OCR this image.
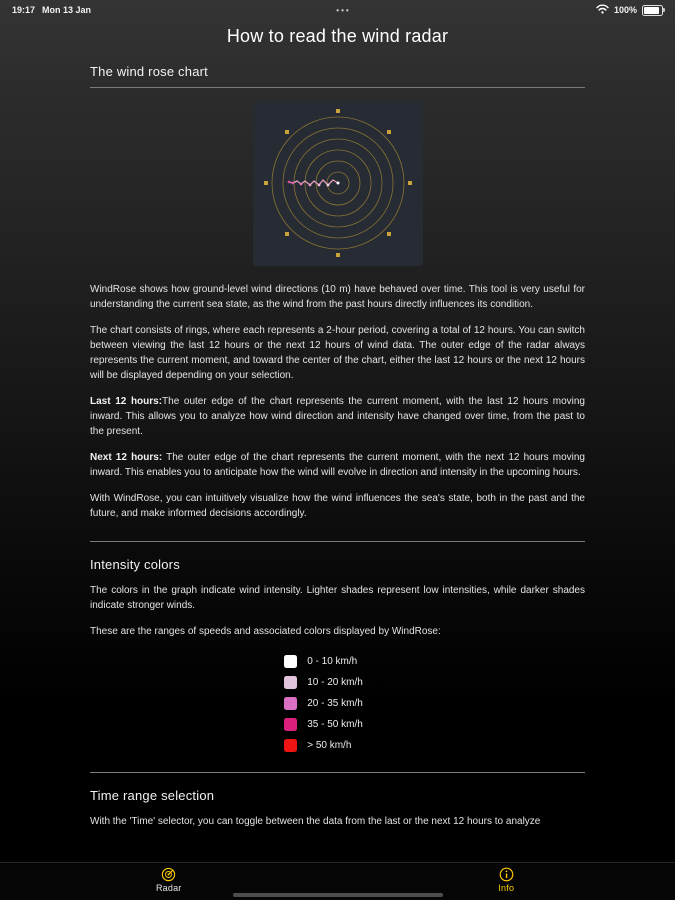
19:17 Mon 13 Jan	•••	100%
How to read the wind radar
The wind rose chart

WindRose shows how ground-level wind directions (10 m) have behaved over time. This tool is very useful for understanding the current sea state, as the wind from the past hours directly influences its condition.

The chart consists of rings, where each represents a 2-hour period, covering a total of 12 hours. You can switch between viewing the last 12 hours or the next 12 hours of wind data. The outer edge of the radar always represents the current moment, and toward the center of the chart, either the last 12 hours or the next 12 hours will be displayed depending on your selection.

Last 12 hours:The outer edge of the chart represents the current moment, with the last 12 hours moving inward. This allows you to analyze how wind direction and intensity have changed over time, from the past to the present.

Next 12 hours: The outer edge of the chart represents the current moment, with the next 12 hours moving inward. This enables you to anticipate how the wind will evolve in direction and intensity in the upcoming hours.

With WindRose, you can intuitively visualize how the wind influences the sea's state, both in the past and the future, and make informed decisions accordingly.

Intensity colors

The colors in the graph indicate wind intensity. Lighter shades represent low intensities, while darker shades indicate stronger winds.

These are the ranges of speeds and associated colors displayed by WindRose:

0 - 10 km/h
10 - 20 km/h
20 - 35 km/h
35 - 50 km/h
> 50 km/h
Time range selection

With the 'Time' selector, you can toggle between the data from the last or the next 12 hours to analyze

Radar	Info
